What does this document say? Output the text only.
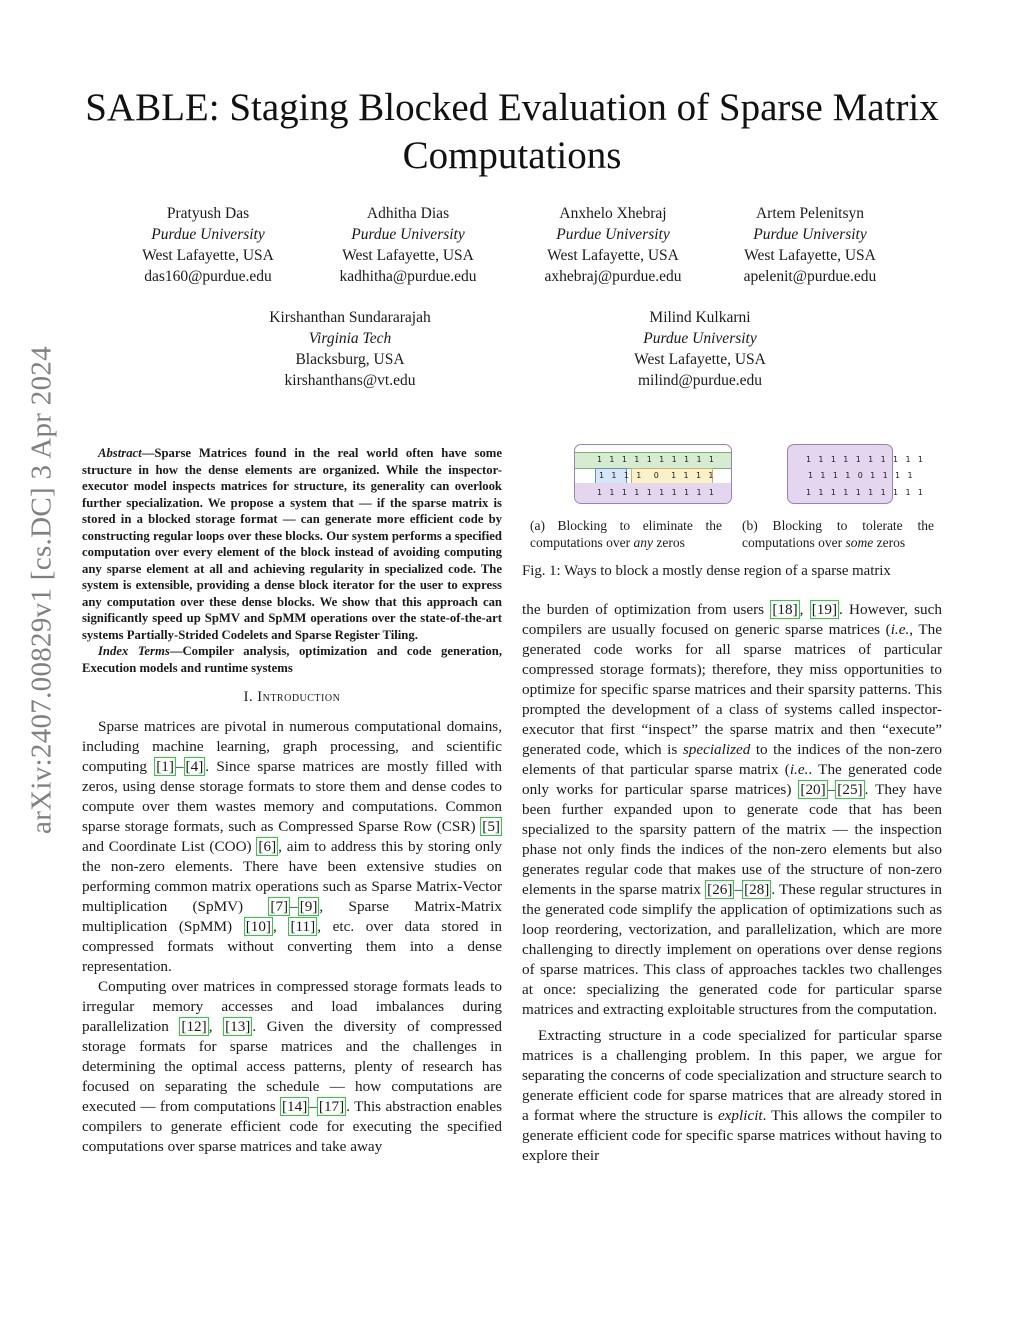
arXiv:2407.00829v1 [cs.DC] 3 Apr 2024
SABLE: Staging Blocked Evaluation of Sparse Matrix Computations
Pratyush Das
Purdue University
West Lafayette, USA
das160@purdue.edu
Adhitha Dias
Purdue University
West Lafayette, USA
kadhitha@purdue.edu
Anxhelo Xhebraj
Purdue University
West Lafayette, USA
axhebraj@purdue.edu
Artem Pelenitsyn
Purdue University
West Lafayette, USA
apelenit@purdue.edu
Kirshanthan Sundararajah
Virginia Tech
Blacksburg, USA
kirshanthans@vt.edu
Milind Kulkarni
Purdue University
West Lafayette, USA
milind@purdue.edu

Abstract—Sparse Matrices found in the real world often have some structure in how the dense elements are organized. While the inspector-executor model inspects matrices for structure, its generality can overlook further specialization. We propose a system that — if the sparse matrix is stored in a blocked storage format — can generate more efficient code by constructing regular loops over these blocks. Our system performs a specified computation over every element of the block instead of avoiding computing any sparse element at all and achieving regularity in specialized code. The system is extensible, providing a dense block iterator for the user to express any computation over these dense blocks. We show that this approach can significantly speed up SpMV and SpMM operations over the state-of-the-art systems Partially-Strided Codelets and Sparse Register Tiling.

Index Terms—Compiler analysis, optimization and code generation, Execution models and runtime systems

I. Introduction

Sparse matrices are pivotal in numerous computational domains, including machine learning, graph processing, and scientific computing [1] – [4] . Since sparse matrices are mostly filled with zeros, using dense storage formats to store them and dense codes to compute over them wastes memory and computations. Common sparse storage formats, such as Compressed Sparse Row (CSR) [5] and Coordinate List (COO) [6] , aim to address this by storing only the non-zero elements. There have been extensive studies on performing common matrix operations such as Sparse Matrix-Vector multiplication (SpMV) [7] – [9] , Sparse Matrix-Matrix multiplication (SpMM) [10] , [11] , etc. over data stored in compressed formats without converting them into a dense representation.

Computing over matrices in compressed storage formats leads to irregular memory accesses and load imbalances during parallelization [12] , [13] . Given the diversity of compressed storage formats for sparse matrices and the challenges in determining the optimal access patterns, plenty of research has focused on separating the schedule — how computations are executed — from computations [14] – [17] . This abstraction enables compilers to generate efficient code for executing the specified computations over sparse matrices and take away

1 1 1 1 1 1 1 1 1 1
1 1 1 1 0 1 1 1 1
1 1 1 1 1 1 1 1 1 1
1 1 1 1 1 1 1 1 1 1
1 1 1 1 0 1 1 1 1
1 1 1 1 1 1 1 1 1 1
(a) Blocking to eliminate the computations over any zeros
(b) Blocking to tolerate the computations over some zeros
Fig. 1: Ways to block a mostly dense region of a sparse matrix

the burden of optimization from users [18] , [19] . However, such compilers are usually focused on generic sparse matrices (i.e., The generated code works for all sparse matrices of particular compressed storage formats); therefore, they miss opportunities to optimize for specific sparse matrices and their sparsity patterns. This prompted the development of a class of systems called inspector-executor that first “inspect” the sparse matrix and then “execute” generated code, which is specialized to the indices of the non-zero elements of that particular sparse matrix (i.e.. The generated code only works for particular sparse matrices) [20] – [25] . They have been further expanded upon to generate code that has been specialized to the sparsity pattern of the matrix — the inspection phase not only finds the indices of the non-zero elements but also generates regular code that makes use of the structure of non-zero elements in the sparse matrix [26] – [28] . These regular structures in the generated code simplify the application of optimizations such as loop reordering, vectorization, and parallelization, which are more challenging to directly implement on operations over dense regions of sparse matrices. This class of approaches tackles two challenges at once: specializing the generated code for particular sparse matrices and extracting exploitable structures from the computation.

Extracting structure in a code specialized for particular sparse matrices is a challenging problem. In this paper, we argue for separating the concerns of code specialization and structure search to generate efficient code for sparse matrices that are already stored in a format where the structure is explicit. This allows the compiler to generate efficient code for specific sparse matrices without having to explore their
